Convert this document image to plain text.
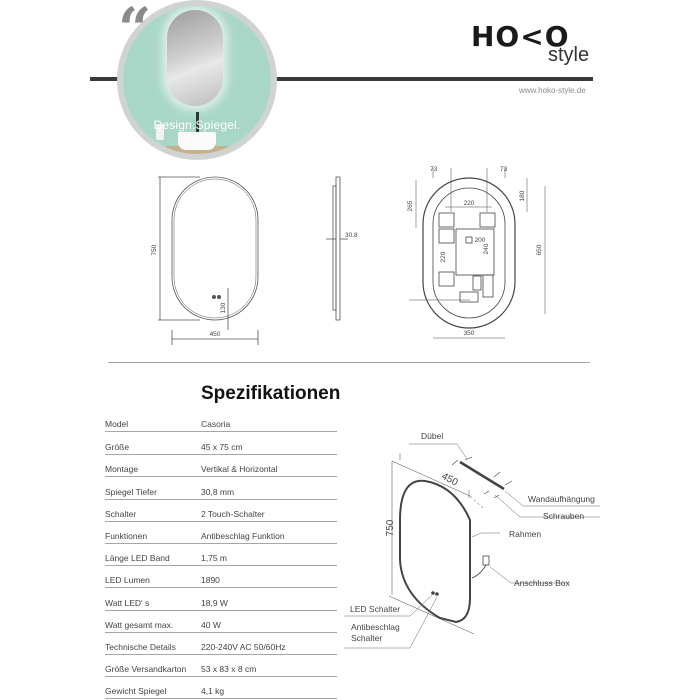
Design.Spiegel.
“	HO<O
style
www.hoko-style.de
450
750
130
30.8
73	73
180
265	220
200
240
220
650
350
450
750
Dübel
Wandaufhängung
Schrauben
Rahmen
Anschluss Box
LED Schalter
Antibeschlag
Schalter
Spezifikationen
Model	Casoria
Größe	45 x 75 cm
Montage	Vertikal & Horizontal
Spiegel Tiefer	30,8 mm
Schalter	2 Touch-Schalter
Funktionen	Antibeschlag Funktion
Länge LED Band	1,75 m
LED Lumen	1890
Watt LED' s	18,9 W
Watt gesamt max.	40 W
Technische Details	220-240V AC 50/60Hz
Größe Versandkarton 53 x 83 x 8 cm
Gewicht Spiegel	4,1 kg
